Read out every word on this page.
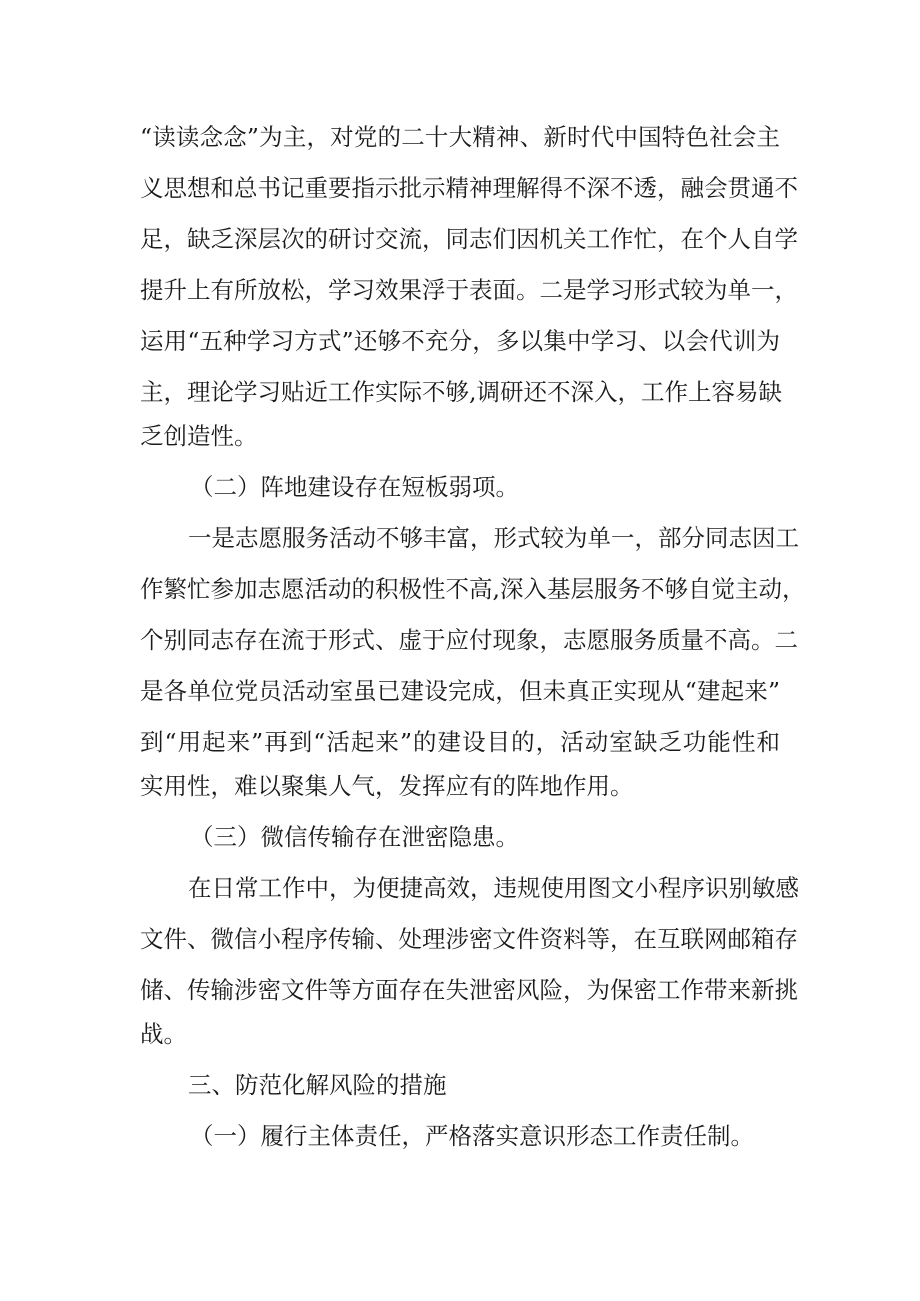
“读读念念”为主，对党的二十大精神、新时代中国特色社会主
义思想和总书记重要指示批示精神理解得不深不透，融会贯通不
足，缺乏深层次的研讨交流，同志们因机关工作忙，在个人自学
提升上有所放松，学习效果浮于表面。二是学习形式较为单一，
运用“五种学习方式”还够不充分，多以集中学习、以会代训为
主，理论学习贴近工作实际不够,调研还不深入，工作上容易缺
乏创造性。
（二）阵地建设存在短板弱项。
一是志愿服务活动不够丰富，形式较为单一，部分同志因工
作繁忙参加志愿活动的积极性不高,深入基层服务不够自觉主动，
个别同志存在流于形式、虚于应付现象，志愿服务质量不高。二
是各单位党员活动室虽已建设完成，但未真正实现从“建起来”
到“用起来”再到“活起来”的建设目的，活动室缺乏功能性和
实用性，难以聚集人气，发挥应有的阵地作用。
（三）微信传输存在泄密隐患。
在日常工作中，为便捷高效，违规使用图文小程序识别敏感
文件、微信小程序传输、处理涉密文件资料等，在互联网邮箱存
储、传输涉密文件等方面存在失泄密风险，为保密工作带来新挑
战。
三、防范化解风险的措施
（一）履行主体责任，严格落实意识形态工作责任制。
